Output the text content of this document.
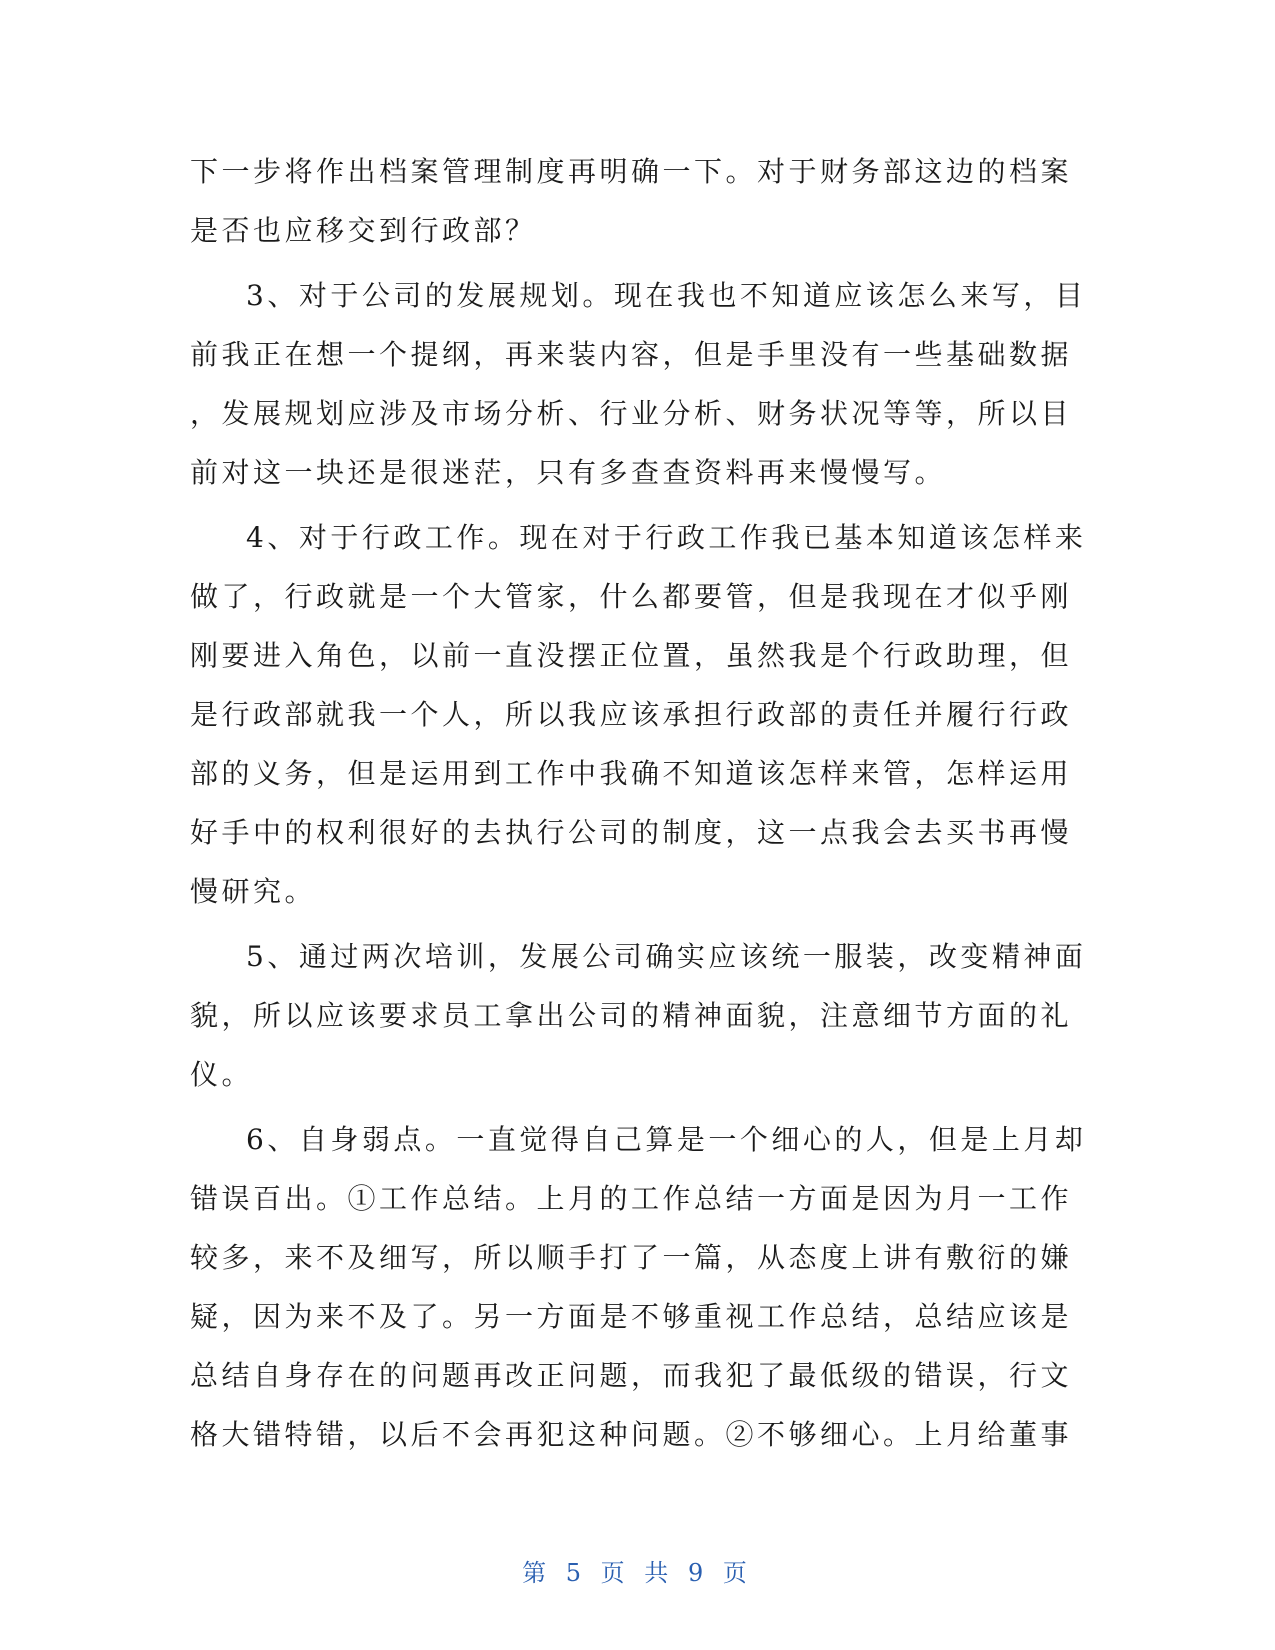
下一步将作出档案管理制度再明确一下。对于财务部这边的档案
是否也应移交到行政部？
3、对于公司的发展规划。现在我也不知道应该怎么来写，目
前我正在想一个提纲，再来装内容，但是手里没有一些基础数据
，发展规划应涉及市场分析、行业分析、财务状况等等，所以目
前对这一块还是很迷茫，只有多查查资料再来慢慢写。
4、对于行政工作。现在对于行政工作我已基本知道该怎样来
做了，行政就是一个大管家，什么都要管，但是我现在才似乎刚
刚要进入角色，以前一直没摆正位置，虽然我是个行政助理，但
是行政部就我一个人，所以我应该承担行政部的责任并履行行政
部的义务，但是运用到工作中我确不知道该怎样来管，怎样运用
好手中的权利很好的去执行公司的制度，这一点我会去买书再慢
慢研究。
5、通过两次培训，发展公司确实应该统一服装，改变精神面
貌，所以应该要求员工拿出公司的精神面貌，注意细节方面的礼
仪。
6、自身弱点。一直觉得自己算是一个细心的人，但是上月却
错误百出。①工作总结。上月的工作总结一方面是因为月一工作
较多，来不及细写，所以顺手打了一篇，从态度上讲有敷衍的嫌
疑，因为来不及了。另一方面是不够重视工作总结，总结应该是
总结自身存在的问题再改正问题，而我犯了最低级的错误，行文
格大错特错，以后不会再犯这种问题。②不够细心。上月给董事
第 5 页 共 9 页
